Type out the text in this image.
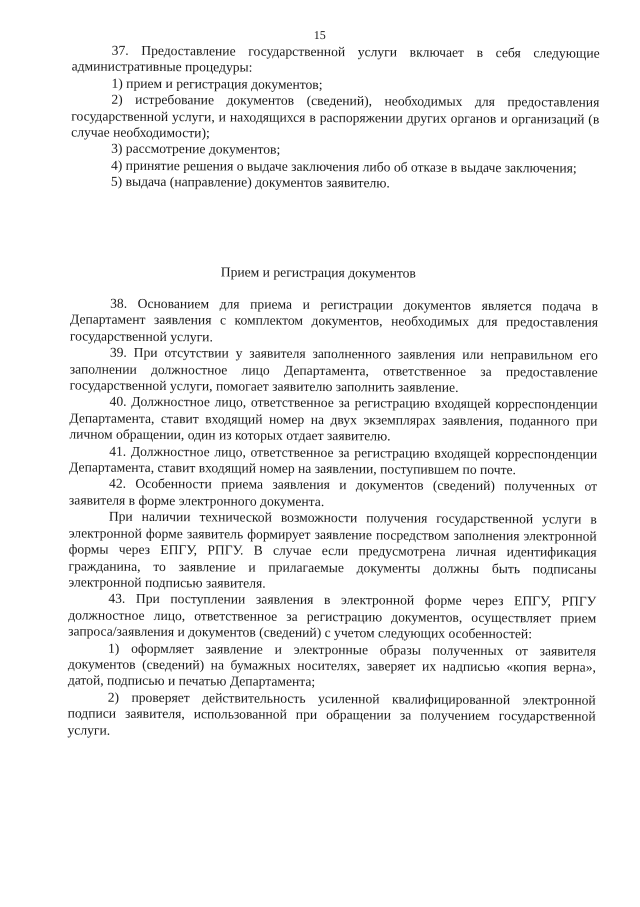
15

37. Предоставление государственной услуги включает в себя следующие административные процедуры:

1) прием и регистрация документов;

2) истребование документов (сведений), необходимых для предоставления государственной услуги, и находящихся в распоряжении других органов и организаций (в случае необходимости);

3) рассмотрение документов;

4) принятие решения о выдаче заключения либо об отказе в выдаче заключения;

5) выдача (направление) документов заявителю.

Прием и регистрация документов

38. Основанием для приема и регистрации документов является подача в Департамент заявления с комплектом документов, необходимых для предоставления государственной услуги.

39. При отсутствии у заявителя заполненного заявления или неправильном его заполнении должностное лицо Департамента, ответственное за предоставление государственной услуги, помогает заявителю заполнить заявление.

40. Должностное лицо, ответственное за регистрацию входящей корреспонденции Департамента, ставит входящий номер на двух экземплярах заявления, поданного при личном обращении, один из которых отдает заявителю.

41. Должностное лицо, ответственное за регистрацию входящей корреспонденции Департамента, ставит входящий номер на заявлении, поступившем по почте.

42. Особенности приема заявления и документов (сведений) полученных от заявителя в форме электронного документа.

При наличии технической возможности получения государственной услуги в электронной форме заявитель формирует заявление посредством заполнения электронной формы через ЕПГУ, РПГУ. В случае если предусмотрена личная идентификация гражданина, то заявление и прилагаемые документы должны быть подписаны электронной подписью заявителя.

43. При поступлении заявления в электронной форме через ЕПГУ, РПГУ должностное лицо, ответственное за регистрацию документов, осуществляет прием запроса/заявления и документов (сведений) с учетом следующих особенностей:

1) оформляет заявление и электронные образы полученных от заявителя документов (сведений) на бумажных носителях, заверяет их надписью «копия верна», датой, подписью и печатью Департамента;

2) проверяет действительность усиленной квалифицированной электронной подписи заявителя, использованной при обращении за получением государственной услуги.
